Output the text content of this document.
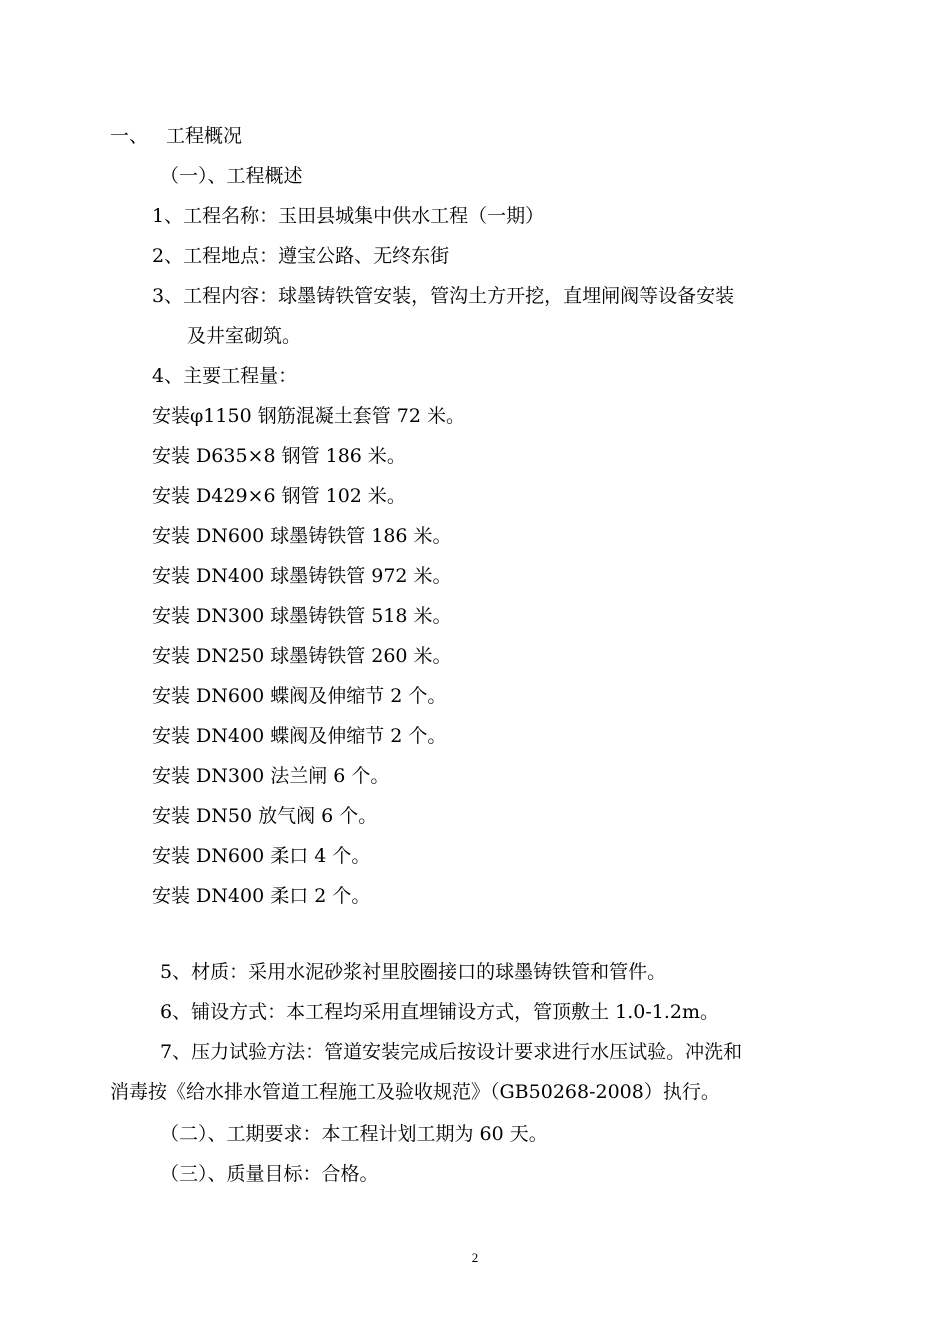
一、 工程概况
（一）、工程概述
1、工程名称：玉田县城集中供水工程（一期）
2、工程地点：遵宝公路、无终东街
3、工程内容：球墨铸铁管安装，管沟土方开挖，直埋闸阀等设备安装
及井室砌筑。
4、主要工程量：
安装φ1150 钢筋混凝土套管 72 米。
安装 D635×8 钢管 186 米。
安装 D429×6 钢管 102 米。
安装 DN600 球墨铸铁管 186 米。
安装 DN400 球墨铸铁管 972 米。
安装 DN300 球墨铸铁管 518 米。
安装 DN250 球墨铸铁管 260 米。
安装 DN600 蝶阀及伸缩节 2 个。
安装 DN400 蝶阀及伸缩节 2 个。
安装 DN300 法兰闸 6 个。
安装 DN50 放气阀 6 个。
安装 DN600 柔口 4 个。
安装 DN400 柔口 2 个。
5、材质：采用水泥砂浆衬里胶圈接口的球墨铸铁管和管件。
6、铺设方式：本工程均采用直埋铺设方式，管顶敷土 1.0-1.2m。
7、压力试验方法：管道安装完成后按设计要求进行水压试验。冲洗和
消毒按《给水排水管道工程施工及验收规范》（GB50268-2008）执行。
（二）、工期要求：本工程计划工期为 60 天。
（三）、质量目标：合格。
2
